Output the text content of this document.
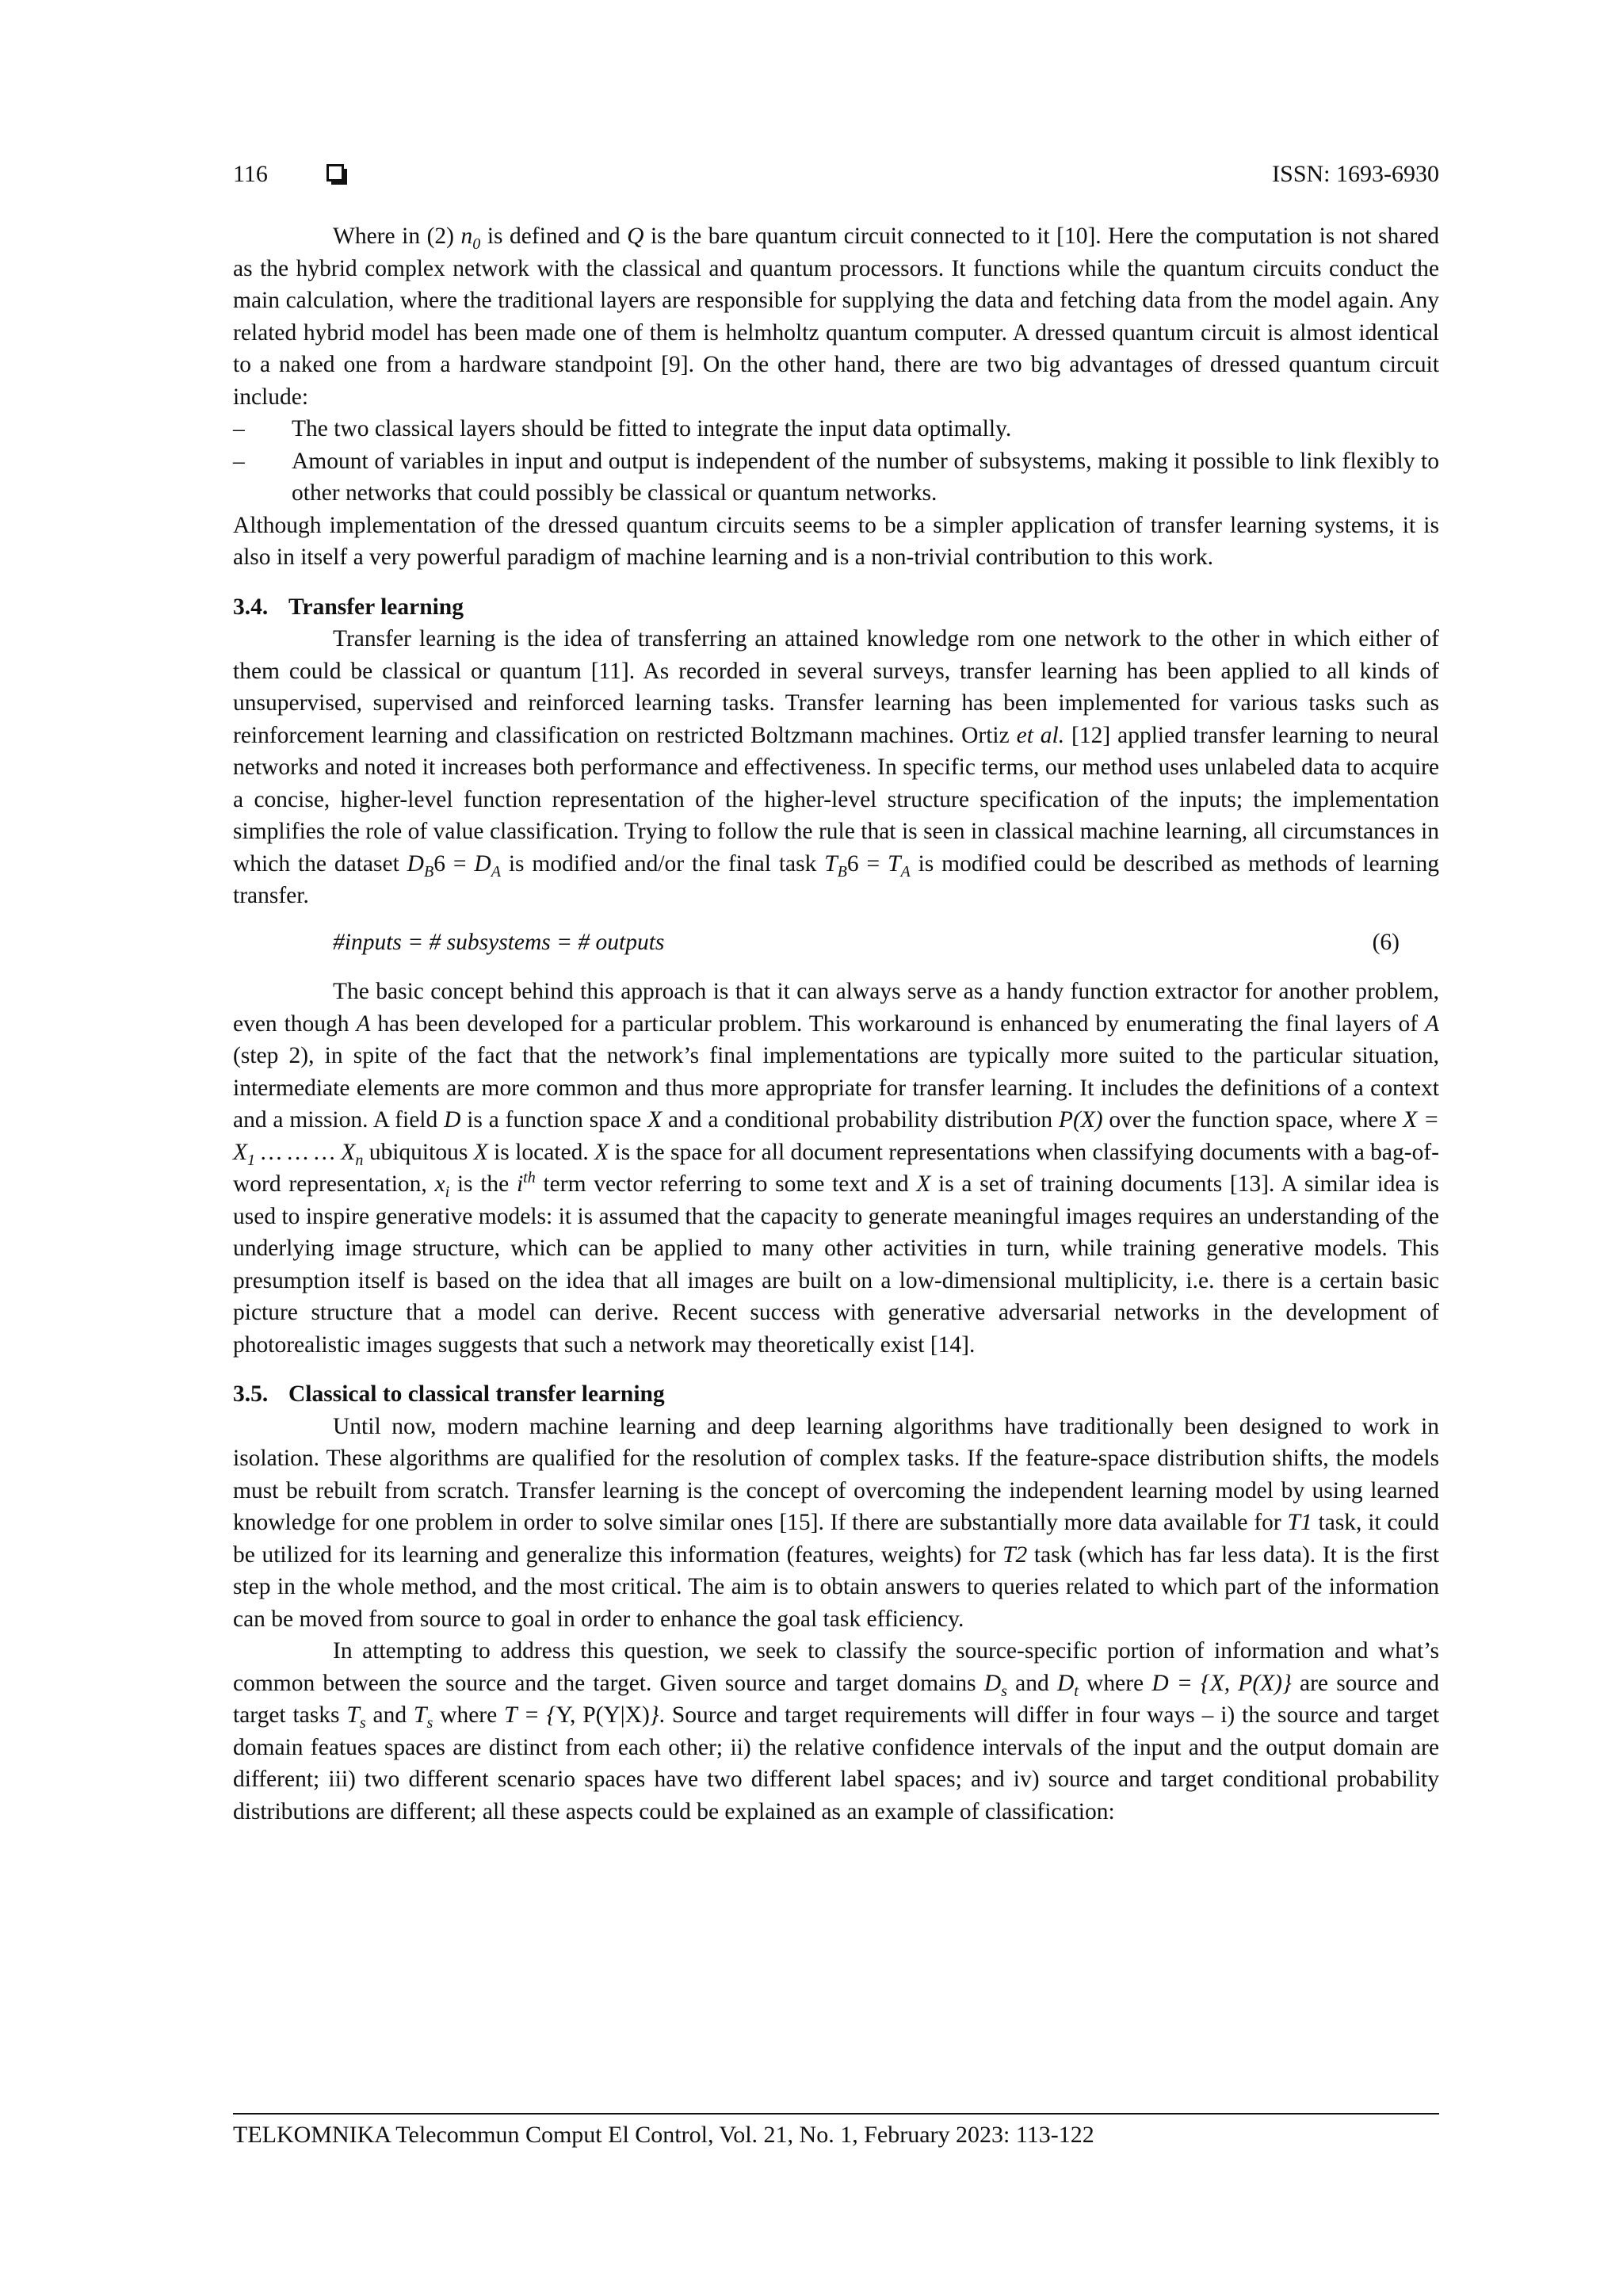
116	ISSN: 1693-6930

Where in (2) $n_0$ is defined and Q is the bare quantum circuit connected to it [10]. Here the computation is not shared as the hybrid complex network with the classical and quantum processors. It functions while the quantum circuits conduct the main calculation, where the traditional layers are responsible for supplying the data and fetching data from the model again. Any related hybrid model has been made one of them is helmholtz quantum computer. A dressed quantum circuit is almost identical to a naked one from a hardware standpoint [9]. On the other hand, there are two big advantages of dressed quantum circuit include:

– The two classical layers should be fitted to integrate the input data optimally.
– Amount of variables in input and output is independent of the number of subsystems, making it possible to link flexibly to other networks that could possibly be classical or quantum networks.

Although implementation of the dressed quantum circuits seems to be a simpler application of transfer learning systems, it is also in itself a very powerful paradigm of machine learning and is a non-trivial contribution to this work.

3.4. Transfer learning

Transfer learning is the idea of transferring an attained knowledge rom one network to the other in which either of them could be classical or quantum [11]. As recorded in several surveys, transfer learning has been applied to all kinds of unsupervised, supervised and reinforced learning tasks. Transfer learning has been implemented for various tasks such as reinforcement learning and classification on restricted Boltzmann machines. Ortiz et al. [12] applied transfer learning to neural networks and noted it increases both performance and effectiveness. In specific terms, our method uses unlabeled data to acquire a concise, higher-level function representation of the higher-level structure specification of the inputs; the implementation simplifies the role of value classification. Trying to follow the rule that is seen in classical machine learning, all circumstances in which the dataset $D_B6 = D_A$ is modified and/or the final task $T_B6 = T_A$ is modified could be described as methods of learning transfer.

#inputs = # subsystems = # outputs	(6)

The basic concept behind this approach is that it can always serve as a handy function extractor for another problem, even though A has been developed for a particular problem. This workaround is enhanced by enumerating the final layers of A (step 2), in spite of the fact that the network’s final implementations are typically more suited to the particular situation, intermediate elements are more common and thus more appropriate for transfer learning. It includes the definitions of a context and a mission. A field D is a function space X and a conditional probability distribution P(X) over the function space, where $X = X_1$ … … … $X_n$ ubiquitous X is located. X is the space for all document representations when classifying documents with a bag-of-word representation, $x_i$ is the $i^{th}$ term vector referring to some text and X is a set of training documents [13]. A similar idea is used to inspire generative models: it is assumed that the capacity to generate meaningful images requires an understanding of the underlying image structure, which can be applied to many other activities in turn, while training generative models. This presumption itself is based on the idea that all images are built on a low-dimensional multiplicity, i.e. there is a certain basic picture structure that a model can derive. Recent success with generative adversarial networks in the development of photorealistic images suggests that such a network may theoretically exist [14].

3.5. Classical to classical transfer learning

Until now, modern machine learning and deep learning algorithms have traditionally been designed to work in isolation. These algorithms are qualified for the resolution of complex tasks. If the feature-space distribution shifts, the models must be rebuilt from scratch. Transfer learning is the concept of overcoming the independent learning model by using learned knowledge for one problem in order to solve similar ones [15]. If there are substantially more data available for T1 task, it could be utilized for its learning and generalize this information (features, weights) for T2 task (which has far less data). It is the first step in the whole method, and the most critical. The aim is to obtain answers to queries related to which part of the information can be moved from source to goal in order to enhance the goal task efficiency.

In attempting to address this question, we seek to classify the source-specific portion of information and what’s common between the source and the target. Given source and target domains $D_s$ and $D_t$ where D = {X, P(X)} are source and target tasks $T_s$ and $T_s$ where T = {Y, P(Y|X)}. Source and target requirements will differ in four ways – i) the source and target domain featues spaces are distinct from each other; ii) the relative confidence intervals of the input and the output domain are different; iii) two different scenario spaces have two different label spaces; and iv) source and target conditional probability distributions are different; all these aspects could be explained as an example of classification:

TELKOMNIKA Telecommun Comput El Control, Vol. 21, No. 1, February 2023: 113-122
